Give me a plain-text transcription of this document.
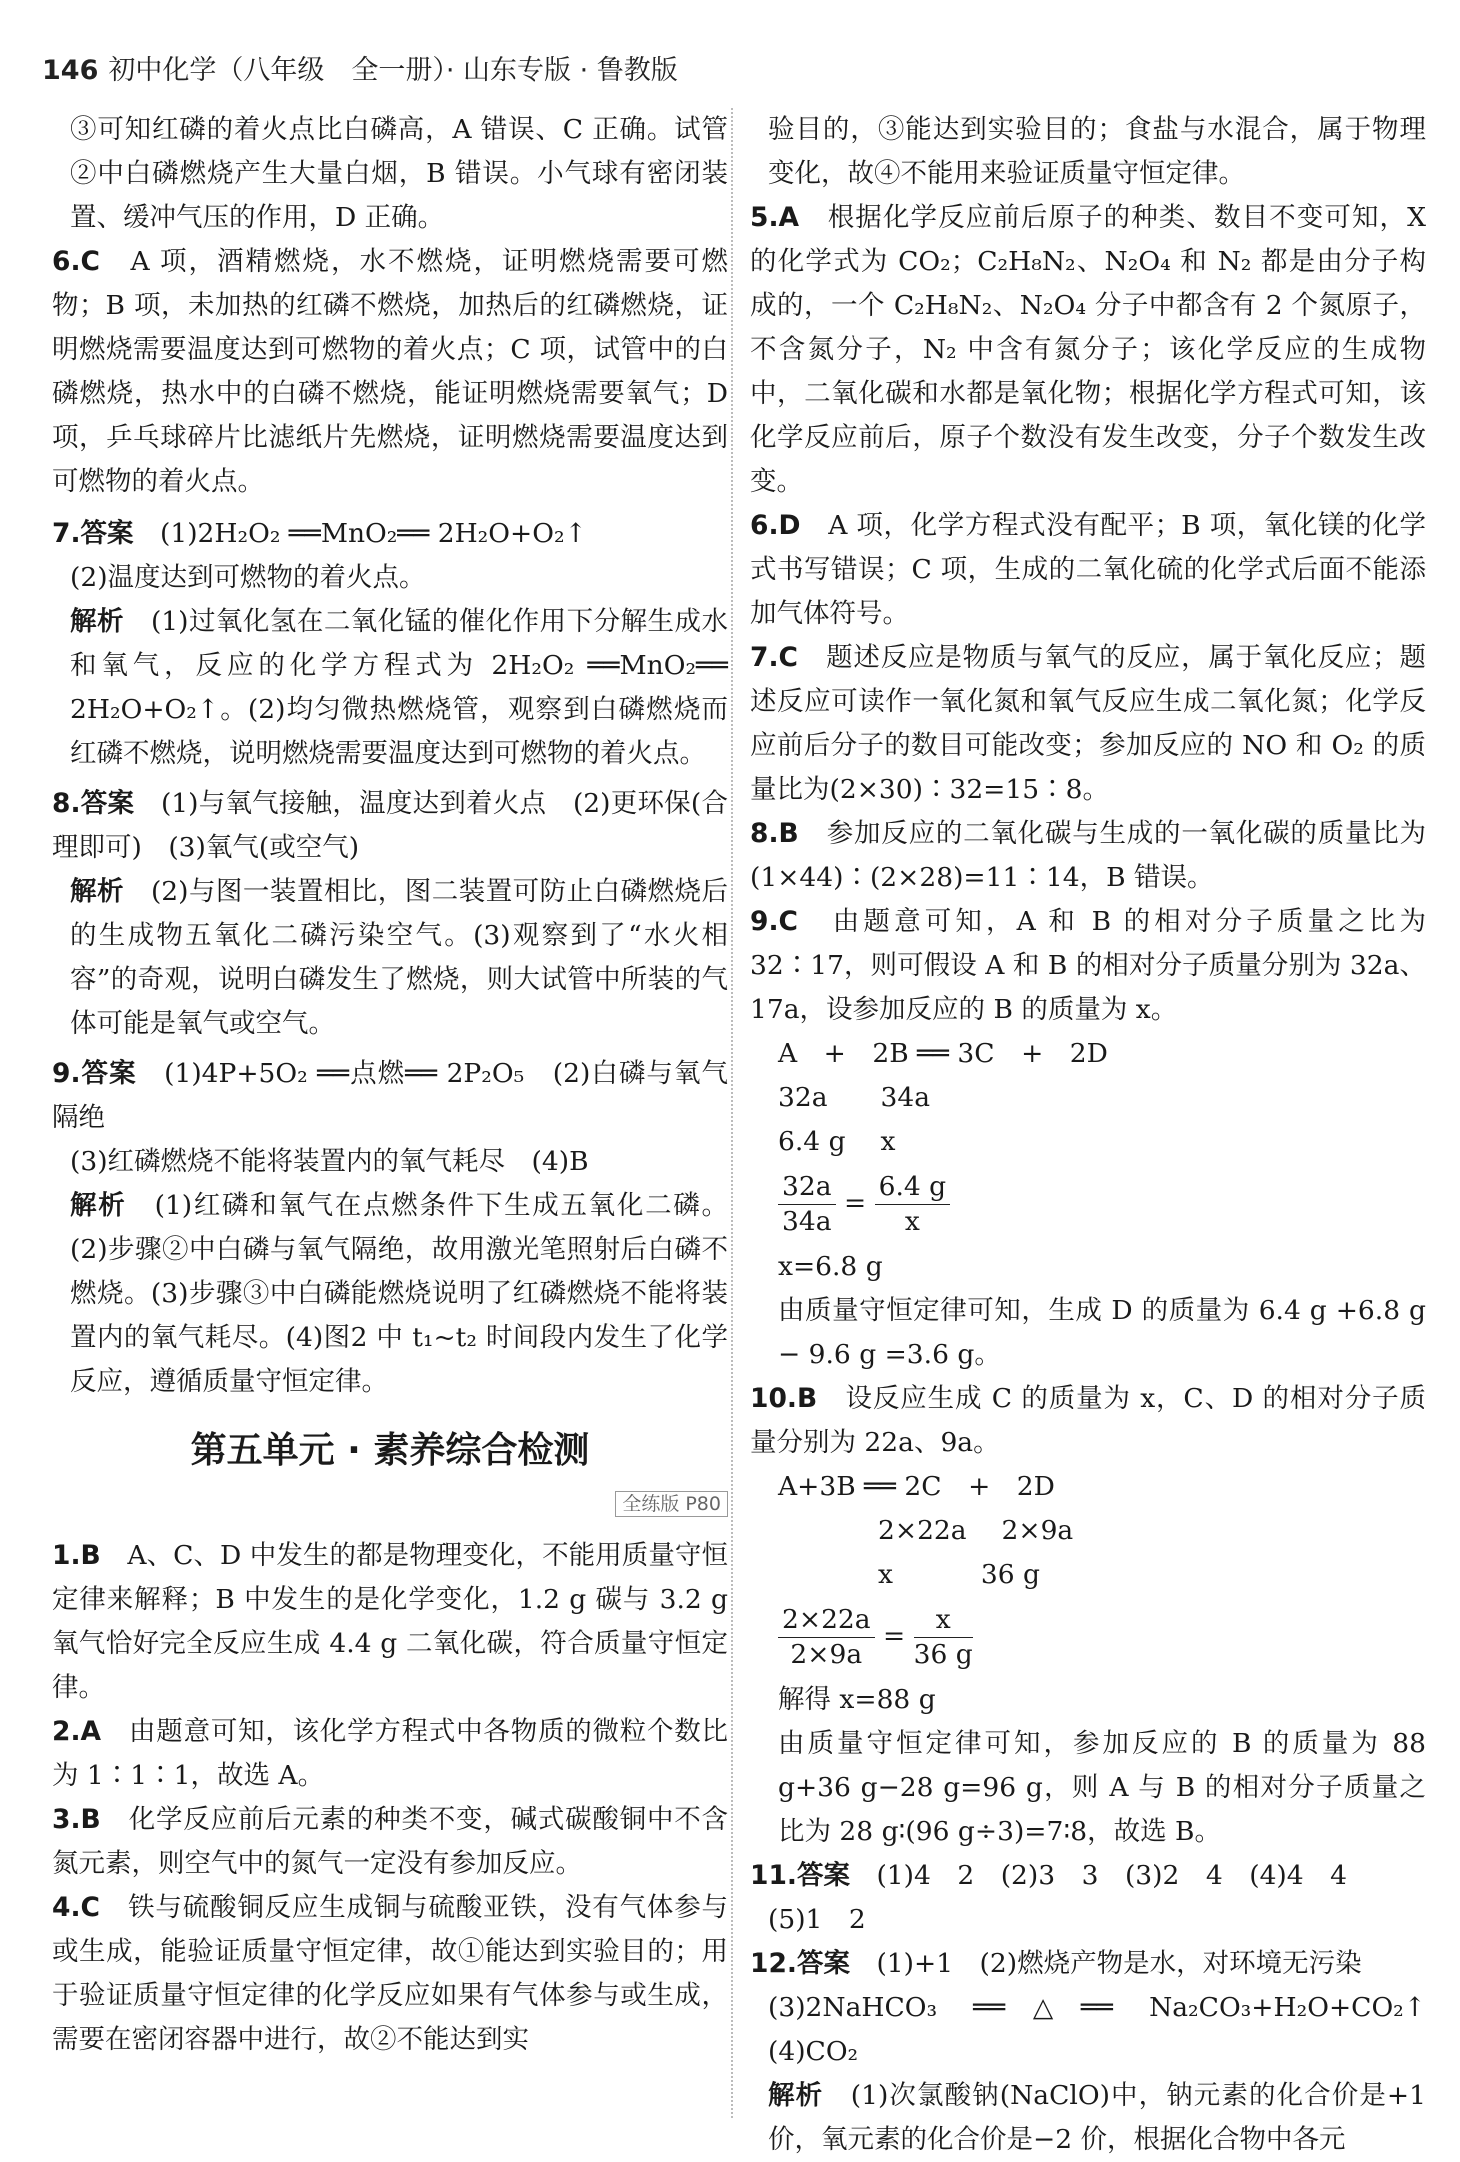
146 初中化学（八年级　全一册）· 山东专版 · 鲁教版

③可知红磷的着火点比白磷高，A 错误、C 正确。试管②中白磷燃烧产生大量白烟，B 错误。小气球有密闭装置、缓冲气压的作用，D 正确。

6.C　 A 项，酒精燃烧，水不燃烧，证明燃烧需要可燃物；B 项，未加热的红磷不燃烧，加热后的红磷燃烧，证明燃烧需要温度达到可燃物的着火点；C 项，试管中的白磷燃烧，热水中的白磷不燃烧，能证明燃烧需要氧气；D 项，乒乓球碎片比滤纸片先燃烧，证明燃烧需要温度达到可燃物的着火点。

7.答案　 (1)2H₂O₂ ══MnO₂══ 2H₂O+O₂↑

(2)温度达到可燃物的着火点。

解析　 (1)过氧化氢在二氧化锰的催化作用下分解生成水和氧气，反应的化学方程式为 2H₂O₂ ══MnO₂══ 2H₂O+O₂↑。(2)均匀微热燃烧管，观察到白磷燃烧而红磷不燃烧，说明燃烧需要温度达到可燃物的着火点。

8.答案　 (1)与氧气接触，温度达到着火点　(2)更环保(合理即可)　(3)氧气(或空气)

解析　 (2)与图一装置相比，图二装置可防止白磷燃烧后的生成物五氧化二磷污染空气。(3)观察到了“水火相容”的奇观，说明白磷发生了燃烧，则大试管中所装的气体可能是氧气或空气。

9.答案　 (1)4P+5O₂ ══点燃══ 2P₂O₅　(2)白磷与氧气隔绝

(3)红磷燃烧不能将装置内的氧气耗尽　(4)B

解析　 (1)红磷和氧气在点燃条件下生成五氧化二磷。(2)步骤②中白磷与氧气隔绝，故用激光笔照射后白磷不燃烧。(3)步骤③中白磷能燃烧说明了红磷燃烧不能将装置内的氧气耗尽。(4)图2 中 t₁~t₂ 时间段内发生了化学反应，遵循质量守恒定律。

第五单元 · 素养综合检测
全练版 P80

1.B　 A、C、D 中发生的都是物理变化，不能用质量守恒定律来解释；B 中发生的是化学变化，1.2 g 碳与 3.2 g 氧气恰好完全反应生成 4.4 g 二氧化碳，符合质量守恒定律。

2.A　 由题意可知，该化学方程式中各物质的微粒个数比为 1∶1∶1，故选 A。

3.B　 化学反应前后元素的种类不变，碱式碳酸铜中不含氮元素，则空气中的氮气一定没有参加反应。

4.C　 铁与硫酸铜反应生成铜与硫酸亚铁，没有气体参与或生成，能验证质量守恒定律，故①能达到实验目的；用于验证质量守恒定律的化学反应如果有气体参与或生成，需要在密闭容器中进行，故②不能达到实

验目的，③能达到实验目的；食盐与水混合，属于物理变化，故④不能用来验证质量守恒定律。

5.A　 根据化学反应前后原子的种类、数目不变可知，X 的化学式为 CO₂；C₂H₈N₂、N₂O₄ 和 N₂ 都是由分子构成的，一个 C₂H₈N₂、N₂O₄ 分子中都含有 2 个氮原子，不含氮分子，N₂ 中含有氮分子；该化学反应的生成物中，二氧化碳和水都是氧化物；根据化学方程式可知，该化学反应前后，原子个数没有发生改变，分子个数发生改变。

6.D　 A 项，化学方程式没有配平；B 项，氧化镁的化学式书写错误；C 项，生成的二氧化硫的化学式后面不能添加气体符号。

7.C　 题述反应是物质与氧气的反应，属于氧化反应；题述反应可读作一氧化氮和氧气反应生成二氧化氮；化学反应前后分子的数目可能改变；参加反应的 NO 和 O₂ 的质量比为(2×30)∶32=15∶8。

8.B　 参加反应的二氧化碳与生成的一氧化碳的质量比为(1×44)∶(2×28)=11∶14，B 错误。

9.C　 由题意可知，A 和 B 的相对分子质量之比为 32∶17，则可假设 A 和 B 的相对分子质量分别为 32a、17a，设参加反应的 B 的质量为 x。

A　+　2B ══ 3C　+　2D

32a　　34a

6.4 g　 x

$\frac{32a}{34a} = \frac{6.4 g}{x}$

x=6.8 g

由质量守恒定律可知，生成 D 的质量为 6.4 g +6.8 g − 9.6 g =3.6 g。

10.B　 设反应生成 C 的质量为 x，C、D 的相对分子质量分别为 22a、9a。

A+3B ══ 2C　+　2D

2×22a　 2×9a

x　　　 36 g

$\frac{2\times 22a}{2\times 9a} = \frac{x}{36 g}$

解得 x=88 g

由质量守恒定律可知，参加反应的 B 的质量为 88 g+36 g−28 g=96 g，则 A 与 B 的相对分子质量之比为 28 g∶(96 g÷3)=7∶8，故选 B。

11.答案　 (1)4　2　(2)3　3　(3)2　4　(4)4　4

(5)1　2

12.答案　 (1)+1　(2)燃烧产物是水，对环境无污染

(3)2NaHCO₃ ══△══ Na₂CO₃+H₂O+CO₂↑　(4)CO₂

解析　 (1)次氯酸钠(NaClO)中，钠元素的化合价是+1 价，氧元素的化合价是−2 价，根据化合物中各元
